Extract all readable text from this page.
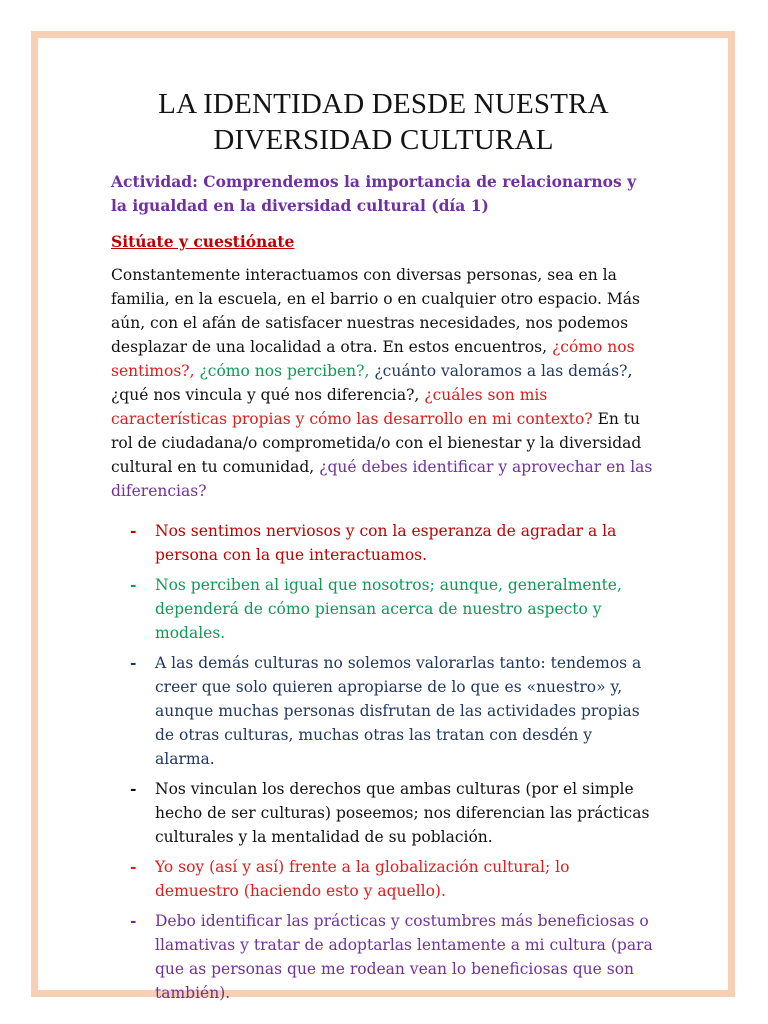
LA IDENTIDAD DESDE NUESTRA
DIVERSIDAD CULTURAL
Actividad: Comprendemos la importancia de relacionarnos y la igualdad en la diversidad cultural (día 1)
Sitúate y cuestiónate

Constantemente interactuamos con diversas personas, sea en la familia, en la escuela, en el barrio o en cualquier otro espacio. Más aún, con el afán de satisfacer nuestras necesidades, nos podemos desplazar de una localidad a otra. En estos encuentros, ¿cómo nos sentimos?, ¿cómo nos perciben?, ¿cuánto valoramos a las demás?, ¿qué nos vincula y qué nos diferencia?, ¿cuáles son mis características propias y cómo las desarrollo en mi contexto? En tu rol de ciudadana/o comprometida/o con el bienestar y la diversidad cultural en tu comunidad, ¿qué debes identificar y aprovechar en las diferencias?

- Nos sentimos nerviosos y con la esperanza de agradar a la persona con la que interactuamos.
- Nos perciben al igual que nosotros; aunque, generalmente, dependerá de cómo piensan acerca de nuestro aspecto y modales.
- A las demás culturas no solemos valorarlas tanto: tendemos a creer que solo quieren apropiarse de lo que es «nuestro» y, aunque muchas personas disfrutan de las actividades propias de otras culturas, muchas otras las tratan con desdén y alarma.
- Nos vinculan los derechos que ambas culturas (por el simple hecho de ser culturas) poseemos; nos diferencian las prácticas culturales y la mentalidad de su población.
- Yo soy (así y así) frente a la globalización cultural; lo demuestro (haciendo esto y aquello).
- Debo identificar las prácticas y costumbres más beneficiosas o llamativas y tratar de adoptarlas lentamente a mi cultura (para que as personas que me rodean vean lo beneficiosas que son también).
